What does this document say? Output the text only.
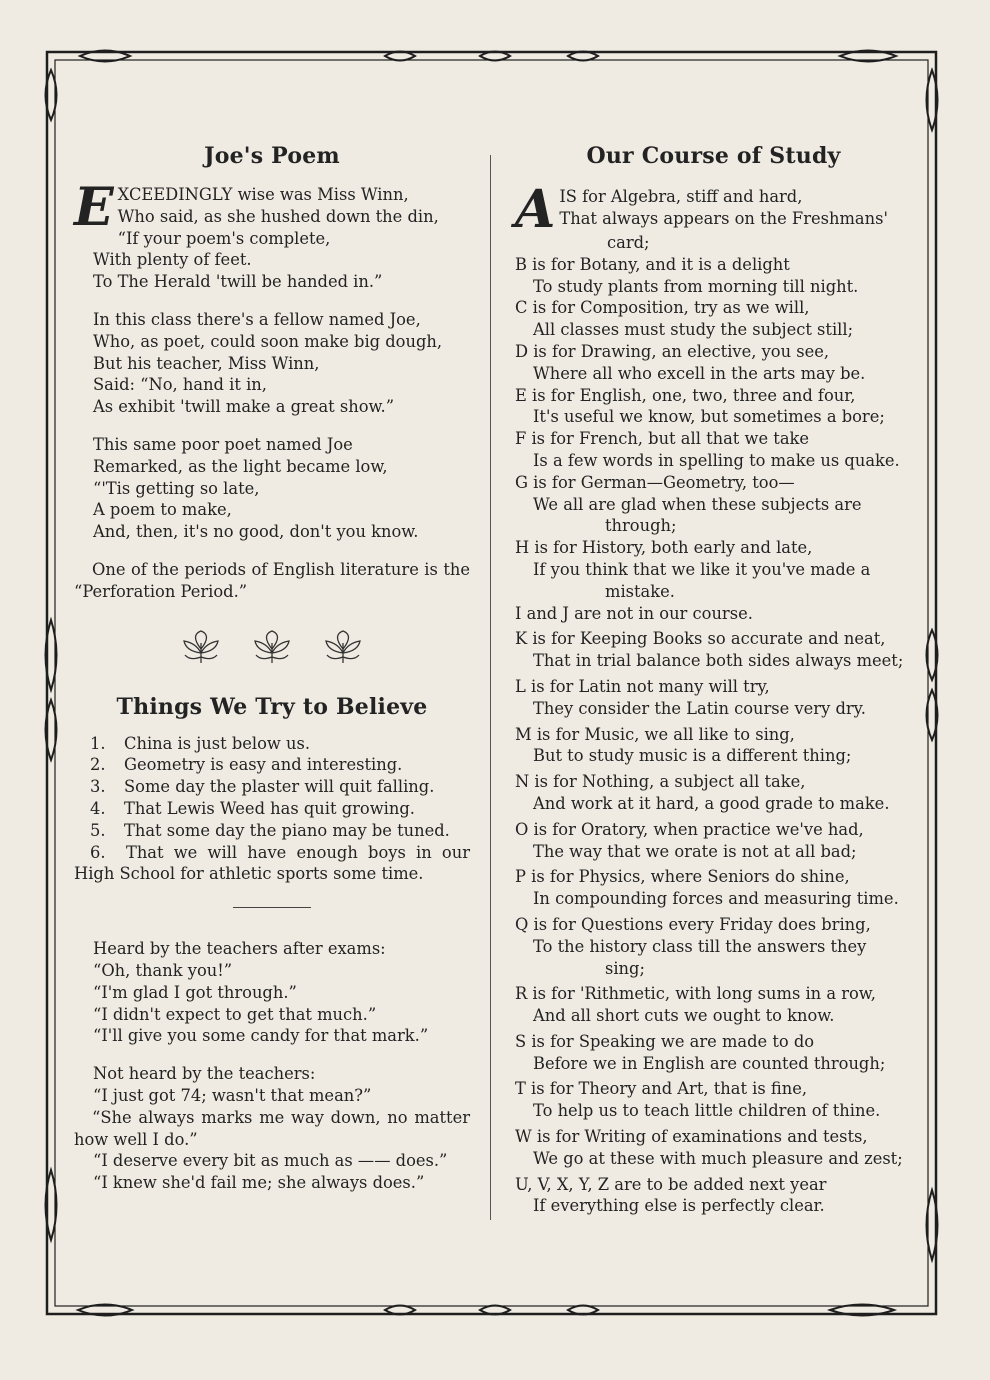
Joe's Poem
E XCEEDINGLY wise was Miss Winn,
Who said, as she hushed down the din,
“If your poem's complete,
With plenty of feet.
To The Herald 'twill be handed in.”
In this class there's a fellow named Joe,
Who, as poet, could soon make big dough,
But his teacher, Miss Winn,
Said: “No, hand it in,
As exhibit 'twill make a great show.”
This same poor poet named Joe
Remarked, as the light became low,
“'Tis getting so late,
A poem to make,
And, then, it's no good, don't you know.

One of the periods of English literature is the “Perforation Period.”

Things We Try to Believe
1. China is just below us.
2. Geometry is easy and interesting.
3. Some day the plaster will quit falling.
4. That Lewis Weed has quit growing.
5. That some day the piano may be tuned.

6. That we will have enough boys in our High School for athletic sports some time.

Heard by the teachers after exams:
“Oh, thank you!”
“I'm glad I got through.”
“I didn't expect to get that much.”
“I'll give you some candy for that mark.”
Not heard by the teachers:
“I just got 74; wasn't that mean?”

“She always marks me way down, no matter how well I do.”

“I deserve every bit as much as —— does.”
“I knew she'd fail me; she always does.”
Our Course of Study
A IS for Algebra, stiff and hard,
That always appears on the Freshmans'
card;
B is for Botany, and it is a delight
To study plants from morning till night.
C is for Composition, try as we will,
All classes must study the subject still;
D is for Drawing, an elective, you see,
Where all who excell in the arts may be.
E is for English, one, two, three and four,
It's useful we know, but sometimes a bore;
F is for French, but all that we take
Is a few words in spelling to make us quake.
G is for German—Geometry, too—
We all are glad when these subjects are
through;
H is for History, both early and late,
If you think that we like it you've made a
mistake.
I and J are not in our course.
K is for Keeping Books so accurate and neat,
That in trial balance both sides always meet;
L is for Latin not many will try,
They consider the Latin course very dry.
M is for Music, we all like to sing,
But to study music is a different thing;
N is for Nothing, a subject all take,
And work at it hard, a good grade to make.
O is for Oratory, when practice we've had,
The way that we orate is not at all bad;
P is for Physics, where Seniors do shine,
In compounding forces and measuring time.
Q is for Questions every Friday does bring,
To the history class till the answers they
sing;
R is for 'Rithmetic, with long sums in a row,
And all short cuts we ought to know.
S is for Speaking we are made to do
Before we in English are counted through;
T is for Theory and Art, that is fine,
To help us to teach little children of thine.
W is for Writing of examinations and tests,
We go at these with much pleasure and zest;
U, V, X, Y, Z are to be added next year
If everything else is perfectly clear.
